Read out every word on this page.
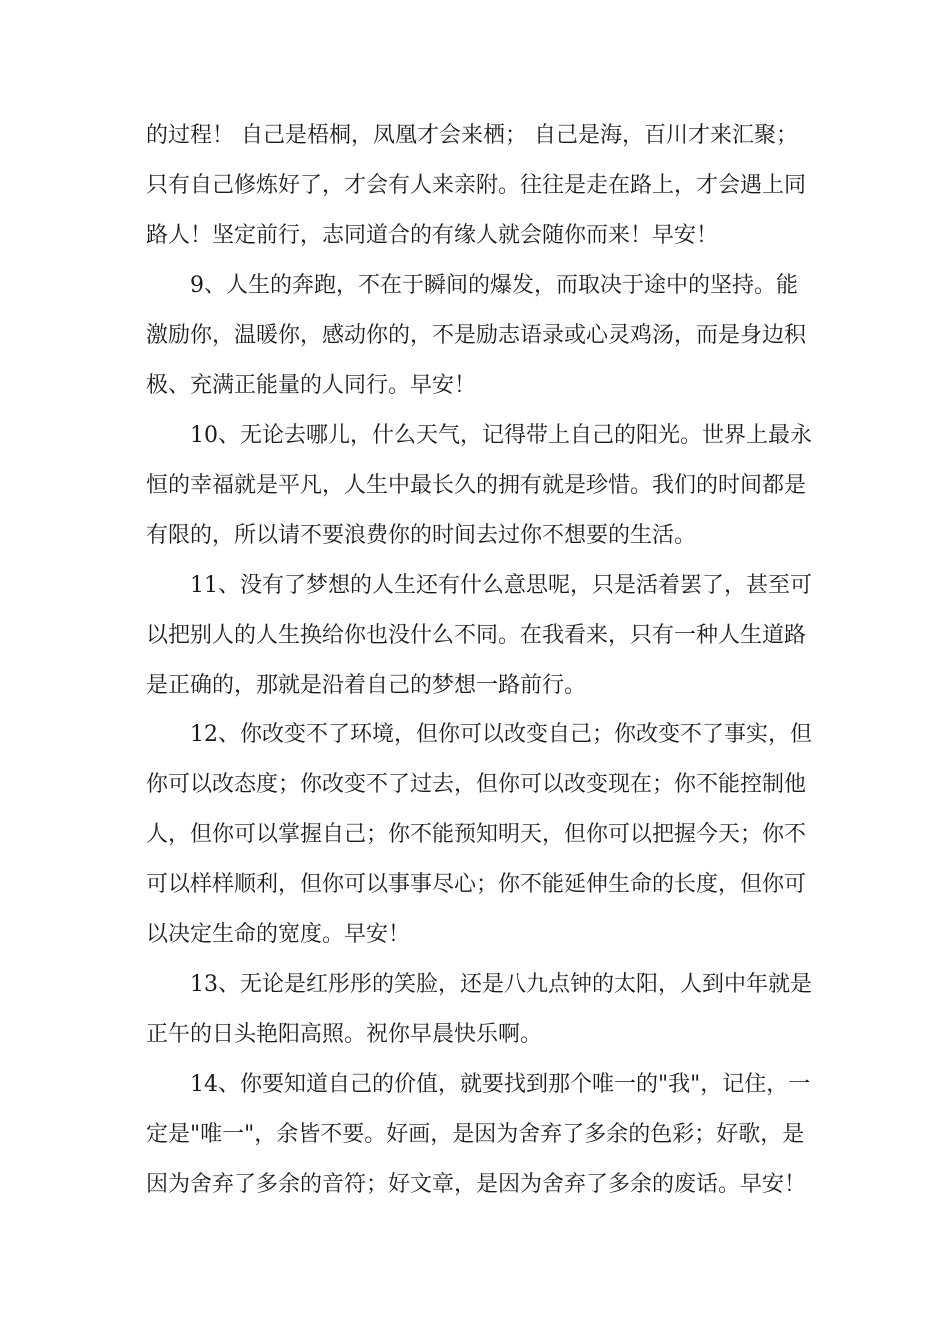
的过程！ 自己是梧桐，凤凰才会来栖； 自己是海，百川才来汇聚；
只有自己修炼好了，才会有人来亲附。往往是走在路上，才会遇上同
路人！坚定前行，志同道合的有缘人就会随你而来！早安！
9、人生的奔跑，不在于瞬间的爆发，而取决于途中的坚持。能
激励你，温暖你，感动你的，不是励志语录或心灵鸡汤，而是身边积
极、充满正能量的人同行。早安！
10、无论去哪儿，什么天气，记得带上自己的阳光。世界上最永
恒的幸福就是平凡，人生中最长久的拥有就是珍惜。我们的时间都是
有限的，所以请不要浪费你的时间去过你不想要的生活。
11、没有了梦想的人生还有什么意思呢，只是活着罢了，甚至可
以把别人的人生换给你也没什么不同。在我看来，只有一种人生道路
是正确的，那就是沿着自己的梦想一路前行。
12、你改变不了环境，但你可以改变自己；你改变不了事实，但
你可以改态度；你改变不了过去，但你可以改变现在；你不能控制他
人，但你可以掌握自己；你不能预知明天，但你可以把握今天；你不
可以样样顺利，但你可以事事尽心；你不能延伸生命的长度，但你可
以决定生命的宽度。早安！
13、无论是红彤彤的笑脸，还是八九点钟的太阳，人到中年就是
正午的日头艳阳高照。祝你早晨快乐啊。
14、你要知道自己的价值，就要找到那个唯一的"我"，记住，一
定是"唯一"，余皆不要。好画，是因为舍弃了多余的色彩；好歌，是
因为舍弃了多余的音符；好文章，是因为舍弃了多余的废话。早安！
